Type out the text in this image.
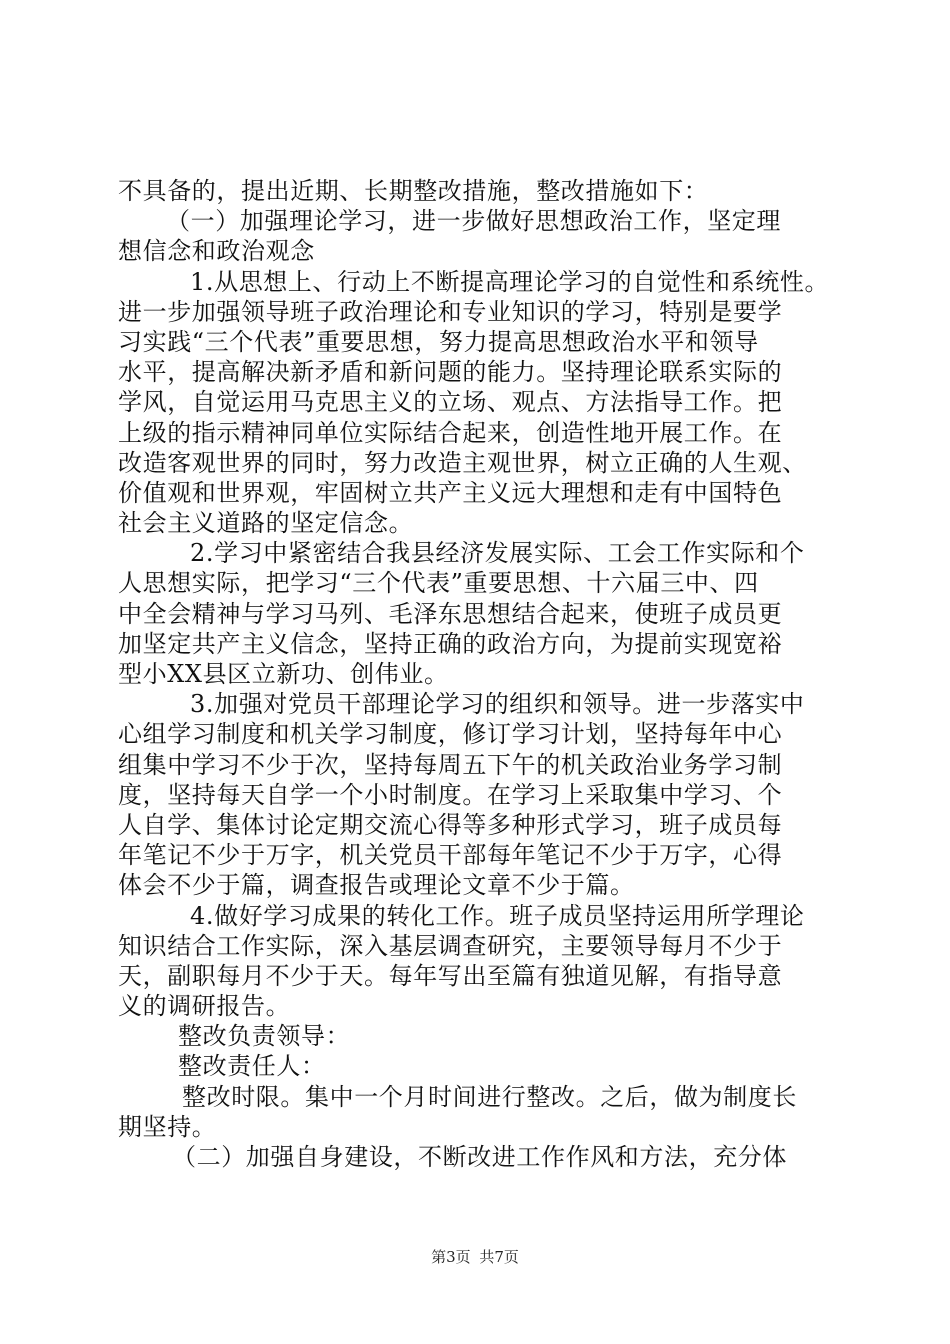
不具备的，提出近期、长期整改措施，整改措施如下：
（一）加强理论学习，进一步做好思想政治工作，坚定理
想信念和政治观念
1.从思想上、行动上不断提高理论学习的自觉性和系统性。
进一步加强领导班子政治理论和专业知识的学习，特别是要学
习实践“三个代表”重要思想，努力提高思想政治水平和领导
水平，提高解决新矛盾和新问题的能力。坚持理论联系实际的
学风，自觉运用马克思主义的立场、观点、方法指导工作。把
上级的指示精神同单位实际结合起来，创造性地开展工作。在
改造客观世界的同时，努力改造主观世界，树立正确的人生观、
价值观和世界观，牢固树立共产主义远大理想和走有中国特色
社会主义道路的坚定信念。
2.学习中紧密结合我县经济发展实际、工会工作实际和个
人思想实际，把学习“三个代表”重要思想、十六届三中、四
中全会精神与学习马列、毛泽东思想结合起来，使班子成员更
加坚定共产主义信念，坚持正确的政治方向，为提前实现宽裕
型小XX县区立新功、创伟业。
3.加强对党员干部理论学习的组织和领导。进一步落实中
心组学习制度和机关学习制度，修订学习计划，坚持每年中心
组集中学习不少于次，坚持每周五下午的机关政治业务学习制
度，坚持每天自学一个小时制度。在学习上采取集中学习、个
人自学、集体讨论定期交流心得等多种形式学习，班子成员每
年笔记不少于万字，机关党员干部每年笔记不少于万字，心得
体会不少于篇，调查报告或理论文章不少于篇。
4.做好学习成果的转化工作。班子成员坚持运用所学理论
知识结合工作实际，深入基层调查研究，主要领导每月不少于
天，副职每月不少于天。每年写出至篇有独道见解，有指导意
义的调研报告。
整改负责领导：
整改责任人：
整改时限。集中一个月时间进行整改。之后，做为制度长
期坚持。
（二）加强自身建设，不断改进工作作风和方法，充分体
第3页 共7页
